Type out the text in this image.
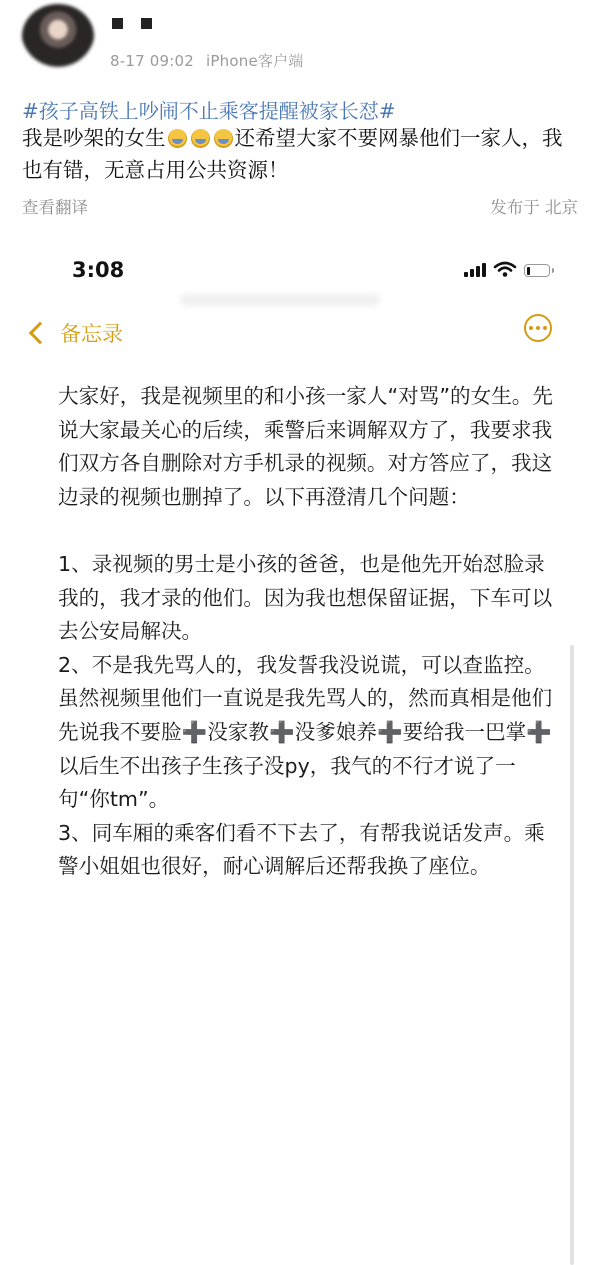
8-17 09:02 iPhone客户端
#孩子高铁上吵闹不止乘客提醒被家长怼#
我是吵架的女生	还希望大家不要网暴他们一家人，我也有错，无意占用公共资源！
查看翻译	发布于 北京
3:08
备忘录

大家好，我是视频里的和小孩一家人“对骂”的女生。先说大家最关心的后续，乘警后来调解双方了，我要求我们双方各自删除对方手机录的视频。对方答应了，我这边录的视频也删掉了。以下再澄清几个问题：

1、录视频的男士是小孩的爸爸，也是他先开始怼脸录我的，我才录的他们。因为我也想保留证据，下车可以去公安局解决。

2、不是我先骂人的，我发誓我没说谎，可以查监控。虽然视频里他们一直说是我先骂人的，然而真相是他们先说我不要脸➕没家教➕没爹娘养➕要给我一巴掌➕以后生不出孩子生孩子没py，我气的不行才说了一句“你tm”。

3、同车厢的乘客们看不下去了，有帮我说话发声。乘警小姐姐也很好，耐心调解后还帮我换了座位。
